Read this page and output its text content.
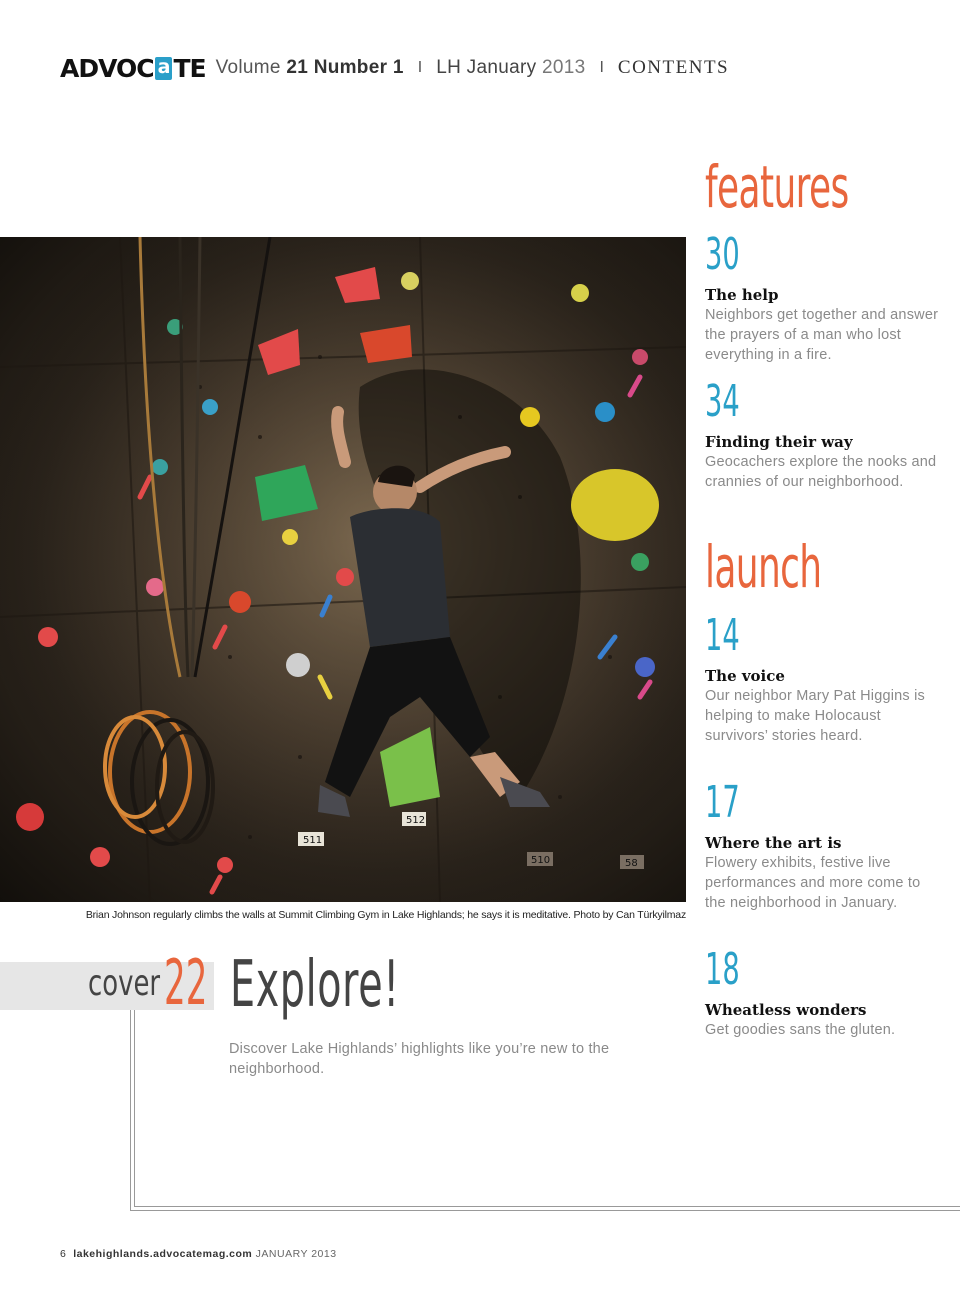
ADVOC a TE Volume 21 Number 1 I LH January 2013 I CONTENTS
511
512
510	58
Brian Johnson regularly climbs the walls at Summit Climbing Gym in Lake Highlands; he says it is meditative. Photo by Can Türkyilmaz
features
30
The help
Neighbors get together and answer the prayers of a man who lost everything in a fire.
34
Finding their way
Geocachers explore the nooks and crannies of our neighborhood.
launch
14
The voice
Our neighbor Mary Pat Higgins is helping to make Holocaust survivors’ stories heard.
17
Where the art is
Flowery exhibits, festive live performances and more come to the neighborhood in January.
18
Wheatless wonders
Get goodies sans the gluten.
cover 22 Explore!
Discover Lake Highlands’ highlights like you’re new to the neighborhood.
6 lakehighlands.advocatemag.com JANUARY 2013
